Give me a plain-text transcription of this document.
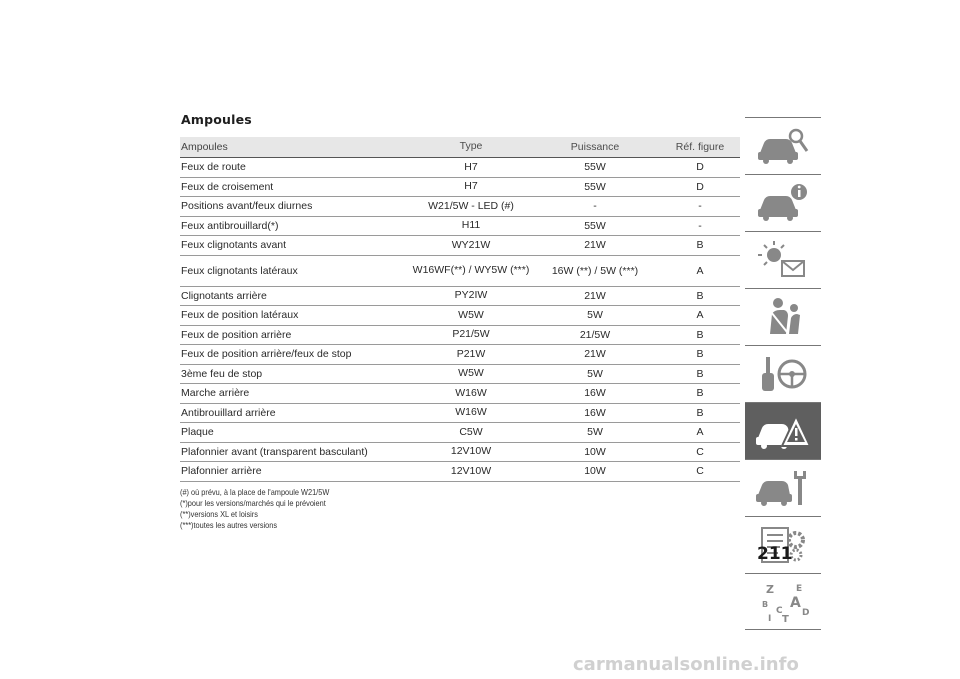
Ampoules
Ampoules	Type	Puissance	Réf. figure
Feux de route	H7	55W	D
Feux de croisement	H7	55W	D
Positions avant/feux diurnes	W21/5W - LED (#)	-	-
Feux antibrouillard(*)	H11	55W	-
Feux clignotants avant	WY21W	21W	B
Feux clignotants latéraux	W16WF(**) / WY5W (***)	16W (**) / 5W (***)	A
Clignotants arrière	PY2IW	21W	B
Feux de position latéraux	W5W	5W	A
Feux de position arrière	P21/5W	21/5W	B
Feux de position arrière/feux de stop	P21W	21W	B
3ème feu de stop	W5W	5W	B
Marche arrière	W16W	16W	B
Antibrouillard arrière	W16W	16W	B
Plaque	C5W	5W	A
Plafonnier avant (transparent basculant)	12V10W	10W	C
Plafonnier arrière	12V10W	10W	C
(#) où prévu, à la place de l'ampoule W21/5W
(*)pour les versions/marchés qui le prévoient
(**)versions XL et loisirs
(***)toutes les autres versions
Z E
A
B
C D
T
I
211
carmanualsonline.info
